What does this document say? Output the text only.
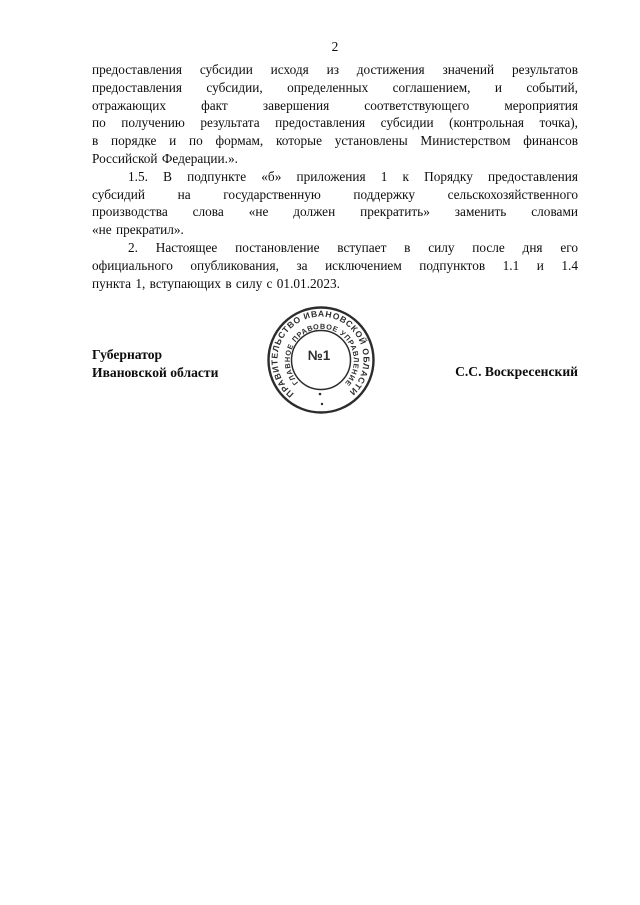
2
предоставления субсидии исходя из достижения значений результатов
предоставления субсидии, определенных соглашением, и событий,
отражающих факт завершения соответствующего мероприятия
по получению результата предоставления субсидии (контрольная точка),
в порядке и по формам, которые установлены Министерством финансов
Российской Федерации.».
1.5. В подпункте «б» приложения 1 к Порядку предоставления
субсидий на государственную поддержку сельскохозяйственного
производства слова «не должен прекратить» заменить словами
«не прекратил».
2. Настоящее постановление вступает в силу после дня его
официального опубликования, за исключением подпунктов 1.1 и 1.4
пункта 1, вступающих в силу с 01.01.2023.
Губернатор
Ивановской области	С.С. Воскресенский
ПРАВИТЕЛЬСТВО ИВАНОВСКОЙ ОБЛАСТИ
ГЛАВНОЕ ПРАВОВОЕ УПРАВЛЕНИЕ
№1
